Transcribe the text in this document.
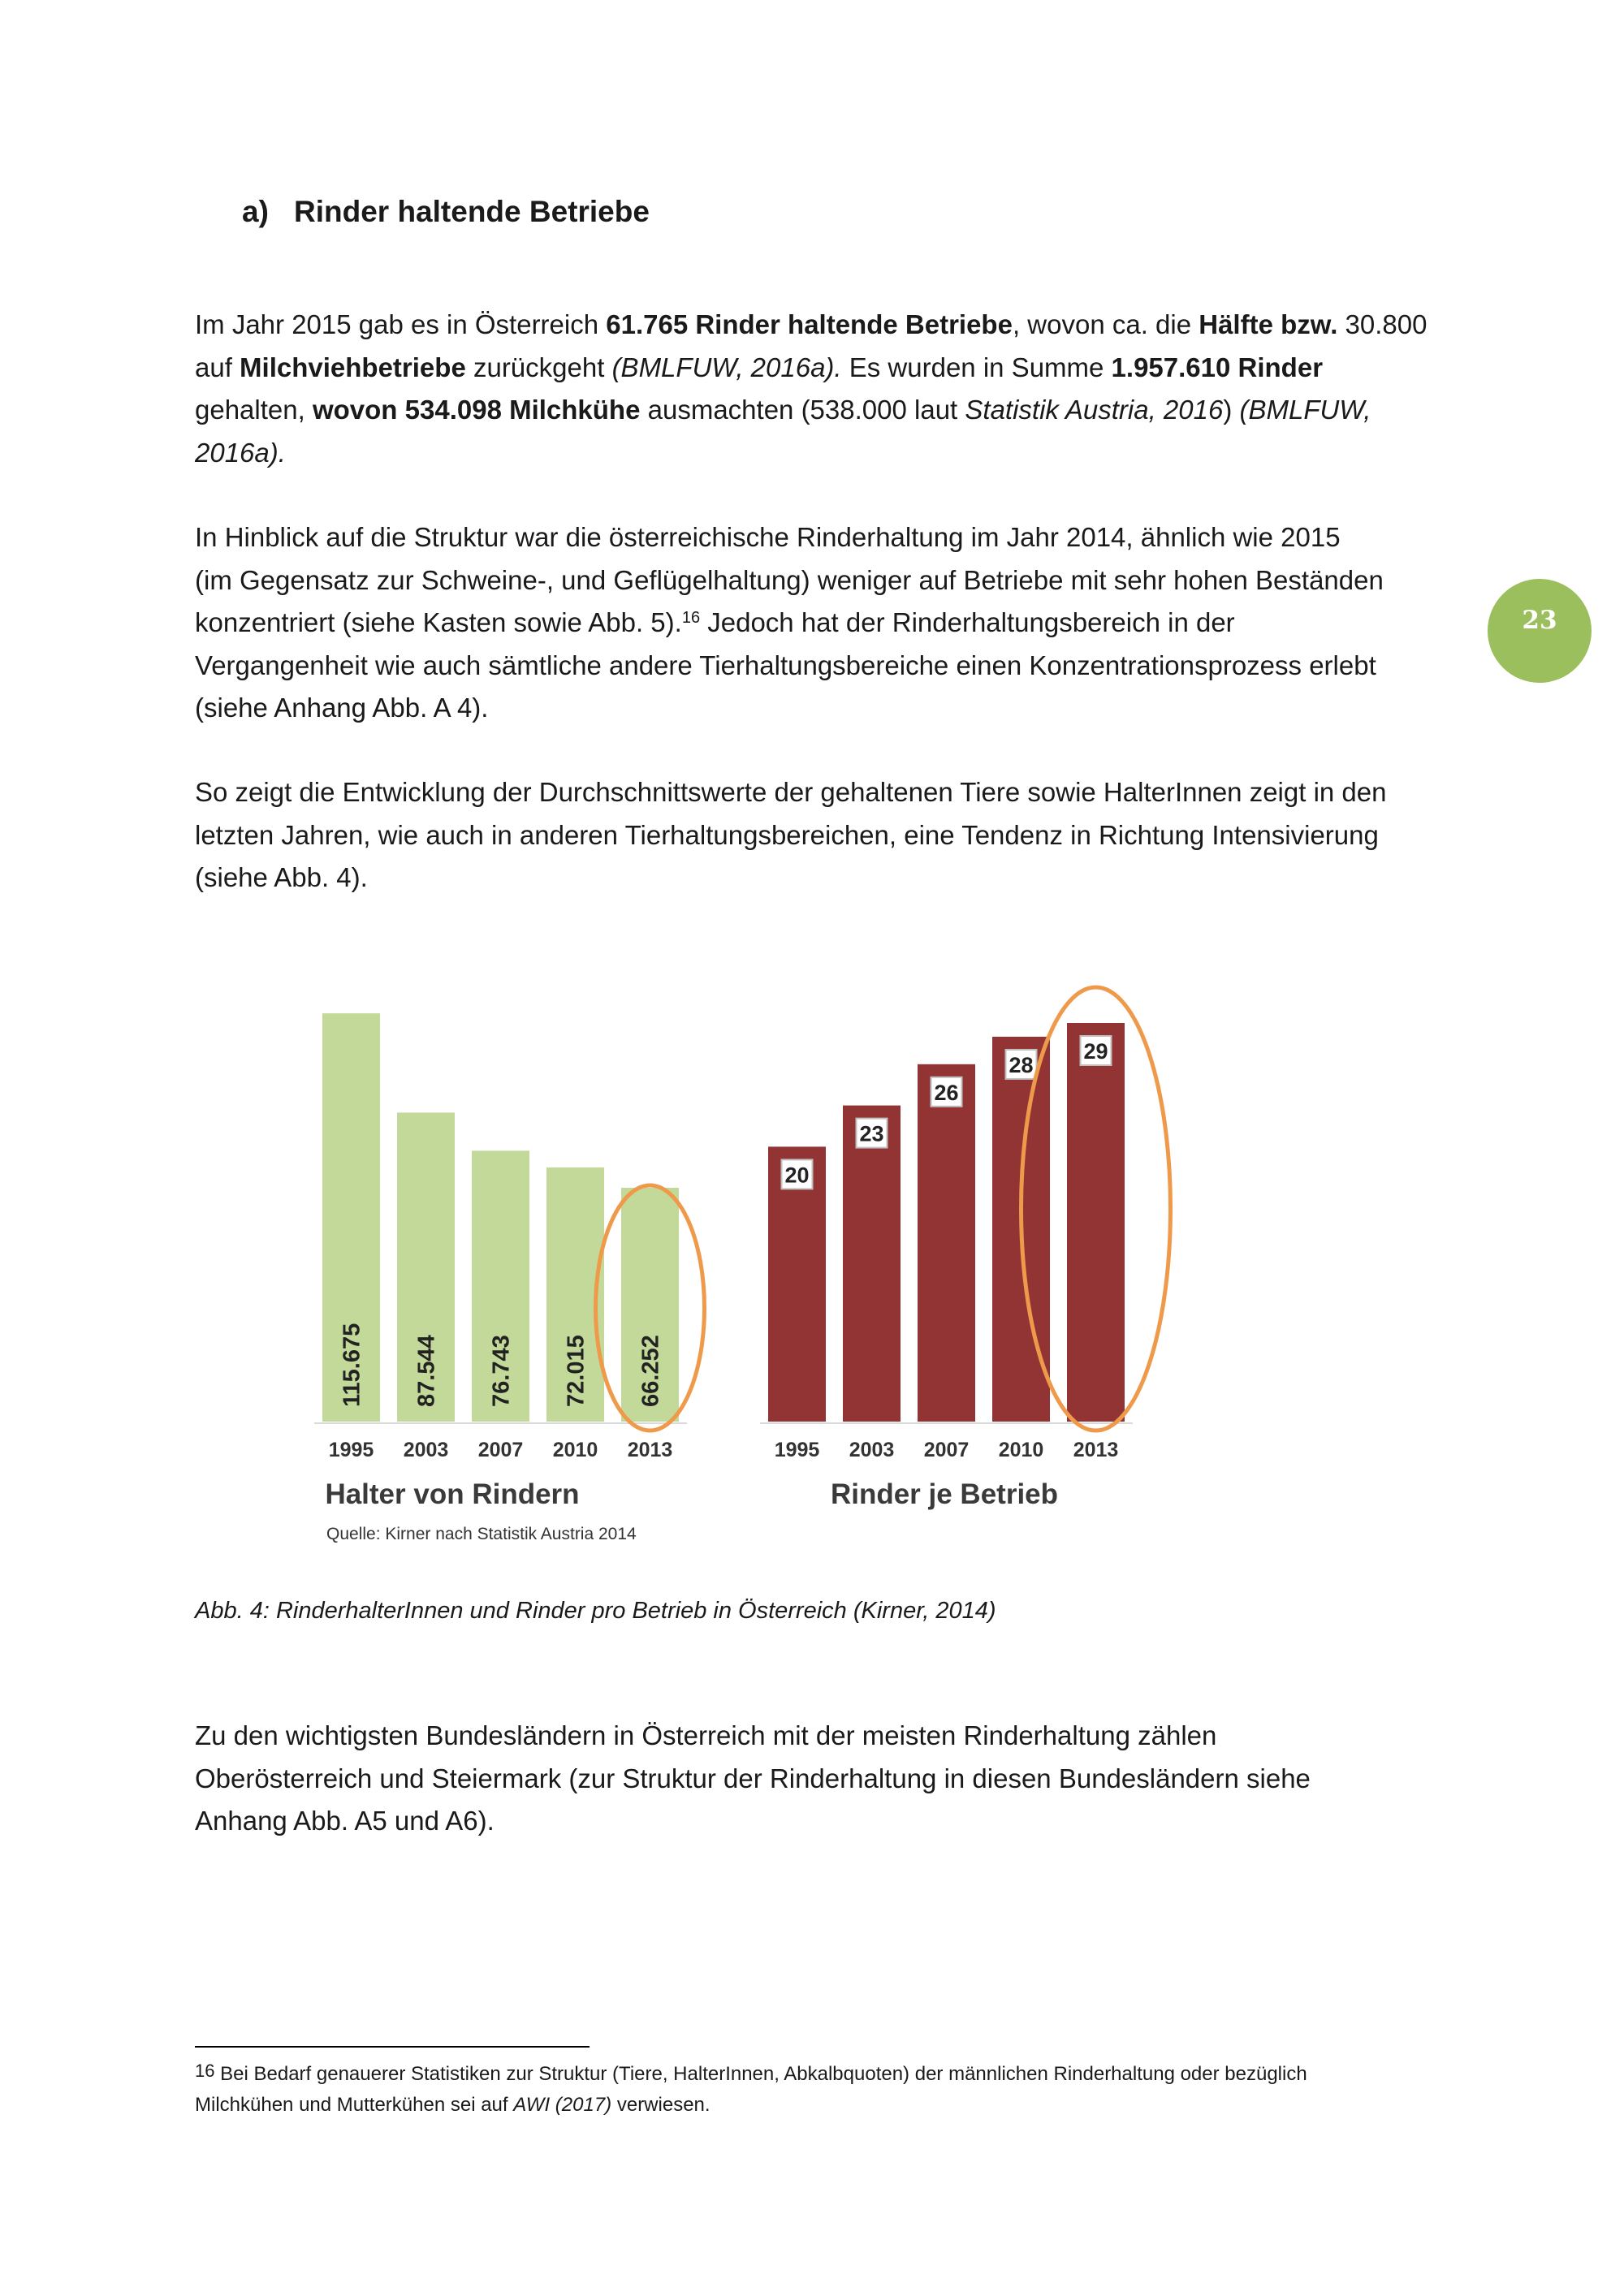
23
a) Rinder haltende Betriebe
Im Jahr 2015 gab es in Österreich 61.765 Rinder haltende Betriebe, wovon ca. die Hälfte bzw. 30.800
auf Milchviehbetriebe zurückgeht (BMLFUW, 2016a). Es wurden in Summe 1.957.610 Rinder
gehalten, wovon 534.098 Milchkühe ausmachten (538.000 laut Statistik Austria, 2016) (BMLFUW,
2016a).
In Hinblick auf die Struktur war die österreichische Rinderhaltung im Jahr 2014, ähnlich wie 2015
(im Gegensatz zur Schweine-, und Geflügelhaltung) weniger auf Betriebe mit sehr hohen Beständen
konzentriert (siehe Kasten sowie Abb. 5).$^{16}$ Jedoch hat der Rinderhaltungsbereich in der
Vergangenheit wie auch sämtliche andere Tierhaltungsbereiche einen Konzentrationsprozess erlebt
(siehe Anhang Abb. A 4).
So zeigt die Entwicklung der Durchschnittswerte der gehaltenen Tiere sowie HalterInnen zeigt in den
letzten Jahren, wie auch in anderen Tierhaltungsbereichen, eine Tendenz in Richtung Intensivierung
(siehe Abb. 4).
1995
115.675
2003
87.544
2007
76.743
2010
72.015
2013
66.252
Halter von Rindern
Quelle: Kirner nach Statistik Austria 2014
1995
20
2003
23
2007
26
2010
28
2013
29
Rinder je Betrieb
Abb. 4: RinderhalterInnen und Rinder pro Betrieb in Österreich (Kirner, 2014)
Zu den wichtigsten Bundesländern in Österreich mit der meisten Rinderhaltung zählen
Oberösterreich und Steiermark (zur Struktur der Rinderhaltung in diesen Bundesländern siehe
Anhang Abb. A5 und A6).
$^{16}$ Bei Bedarf genauerer Statistiken zur Struktur (Tiere, HalterInnen, Abkalbquoten) der männlichen Rinderhaltung oder bezüglich
Milchkühen und Mutterkühen sei auf AWI (2017) verwiesen.
